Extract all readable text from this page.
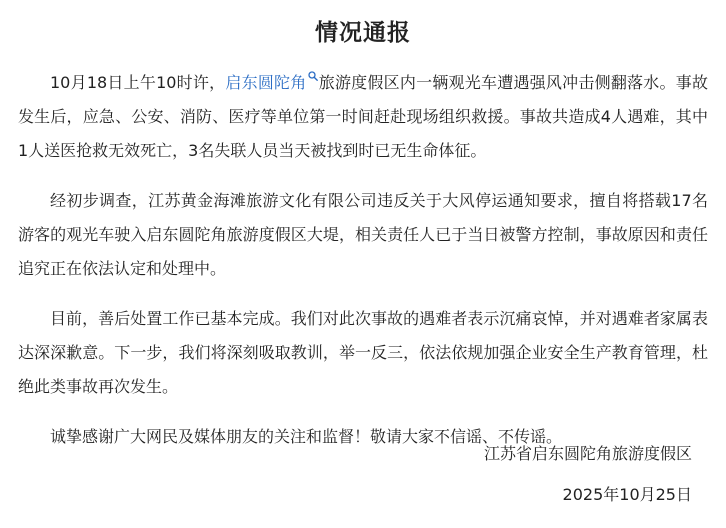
情况通报

10月18日上午10时许，启东圆陀角 旅游度假区内一辆观光车遭遇强风冲击侧翻落水。事故发生后，应急、公安、消防、医疗等单位第一时间赶赴现场组织救援。事故共造成4人遇难，其中1人送医抢救无效死亡，3名失联人员当天被找到时已无生命体征。

经初步调查，江苏黄金海滩旅游文化有限公司违反关于大风停运通知要求，擅自将搭载17名游客的观光车驶入启东圆陀角旅游度假区大堤，相关责任人已于当日被警方控制，事故原因和责任追究正在依法认定和处理中。

目前，善后处置工作已基本完成。我们对此次事故的遇难者表示沉痛哀悼，并对遇难者家属表达深深歉意。下一步，我们将深刻吸取教训，举一反三，依法依规加强企业安全生产教育管理，杜绝此类事故再次发生。

诚挚感谢广大网民及媒体朋友的关注和监督！敬请大家不信谣、不传谣。

江苏省启东圆陀角旅游度假区
2025年10月25日
